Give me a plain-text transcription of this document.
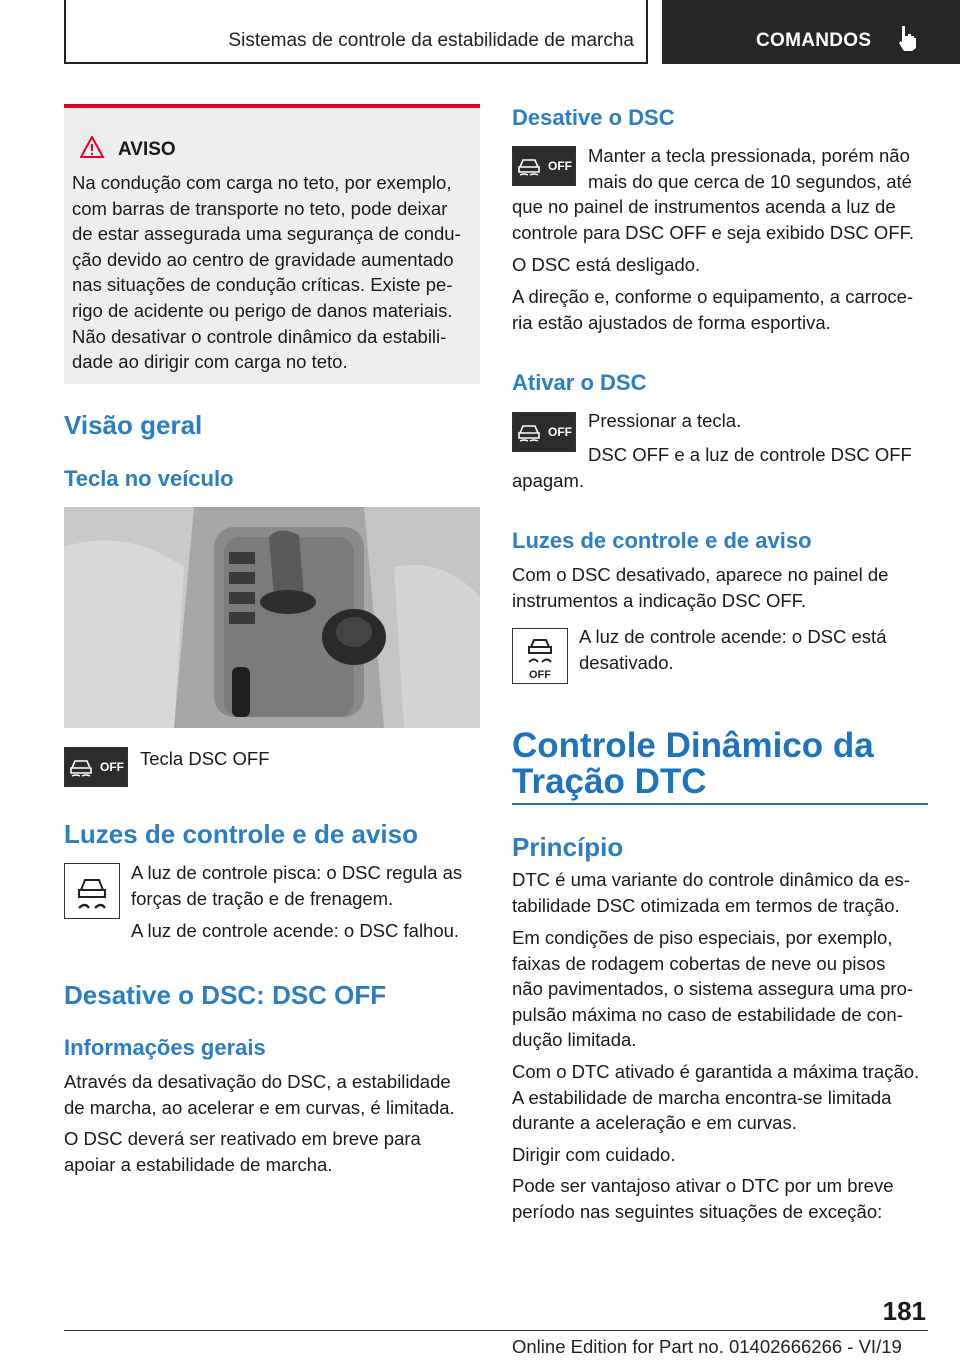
Sistemas de controle da estabilidade de marcha	COMANDOS
AVISO
Na condução com carga no teto, por exemplo,
com barras de transporte no teto, pode deixar
de estar assegurada uma segurança de condu-
ção devido ao centro de gravidade aumentado
nas situações de condução críticas. Existe pe-
rigo de acidente ou perigo de danos materiais.
Não desativar o controle dinâmico da estabili-
dade ao dirigir com carga no teto.
Visão geral
Tecla no veículo
OFF Tecla DSC OFF
Luzes de controle e de aviso
A luz de controle pisca: o DSC regula as
forças de tração e de frenagem.
A luz de controle acende: o DSC falhou.
Desative o DSC: DSC OFF
Informações gerais
Através da desativação do DSC, a estabilidade
de marcha, ao acelerar e em curvas, é limitada.
O DSC deverá ser reativado em breve para
apoiar a estabilidade de marcha.
Desative o DSC
OFF Manter a tecla pressionada, porém não
mais do que cerca de 10 segundos, até
que no painel de instrumentos acenda a luz de
controle para DSC OFF e seja exibido DSC OFF.
O DSC está desligado.
A direção e, conforme o equipamento, a carroce-
ria estão ajustados de forma esportiva.
Ativar o DSC
OFF
Pressionar a tecla.
DSC OFF e a luz de controle DSC OFF
apagam.
Luzes de controle e de aviso
Com o DSC desativado, aparece no painel de
instrumentos a indicação DSC OFF.
OFF
A luz de controle acende: o DSC está
desativado.
Controle Dinâmico da
Tração DTC
Princípio
DTC é uma variante do controle dinâmico da es-
tabilidade DSC otimizada em termos de tração.
Em condições de piso especiais, por exemplo,
faixas de rodagem cobertas de neve ou pisos
não pavimentados, o sistema assegura uma pro-
pulsão máxima no caso de estabilidade de con-
dução limitada.
Com o DTC ativado é garantida a máxima tração.
A estabilidade de marcha encontra-se limitada
durante a aceleração e em curvas.
Dirigir com cuidado.
Pode ser vantajoso ativar o DTC por um breve
período nas seguintes situações de exceção:
181
Online Edition for Part no. 01402666266 - VI/19
